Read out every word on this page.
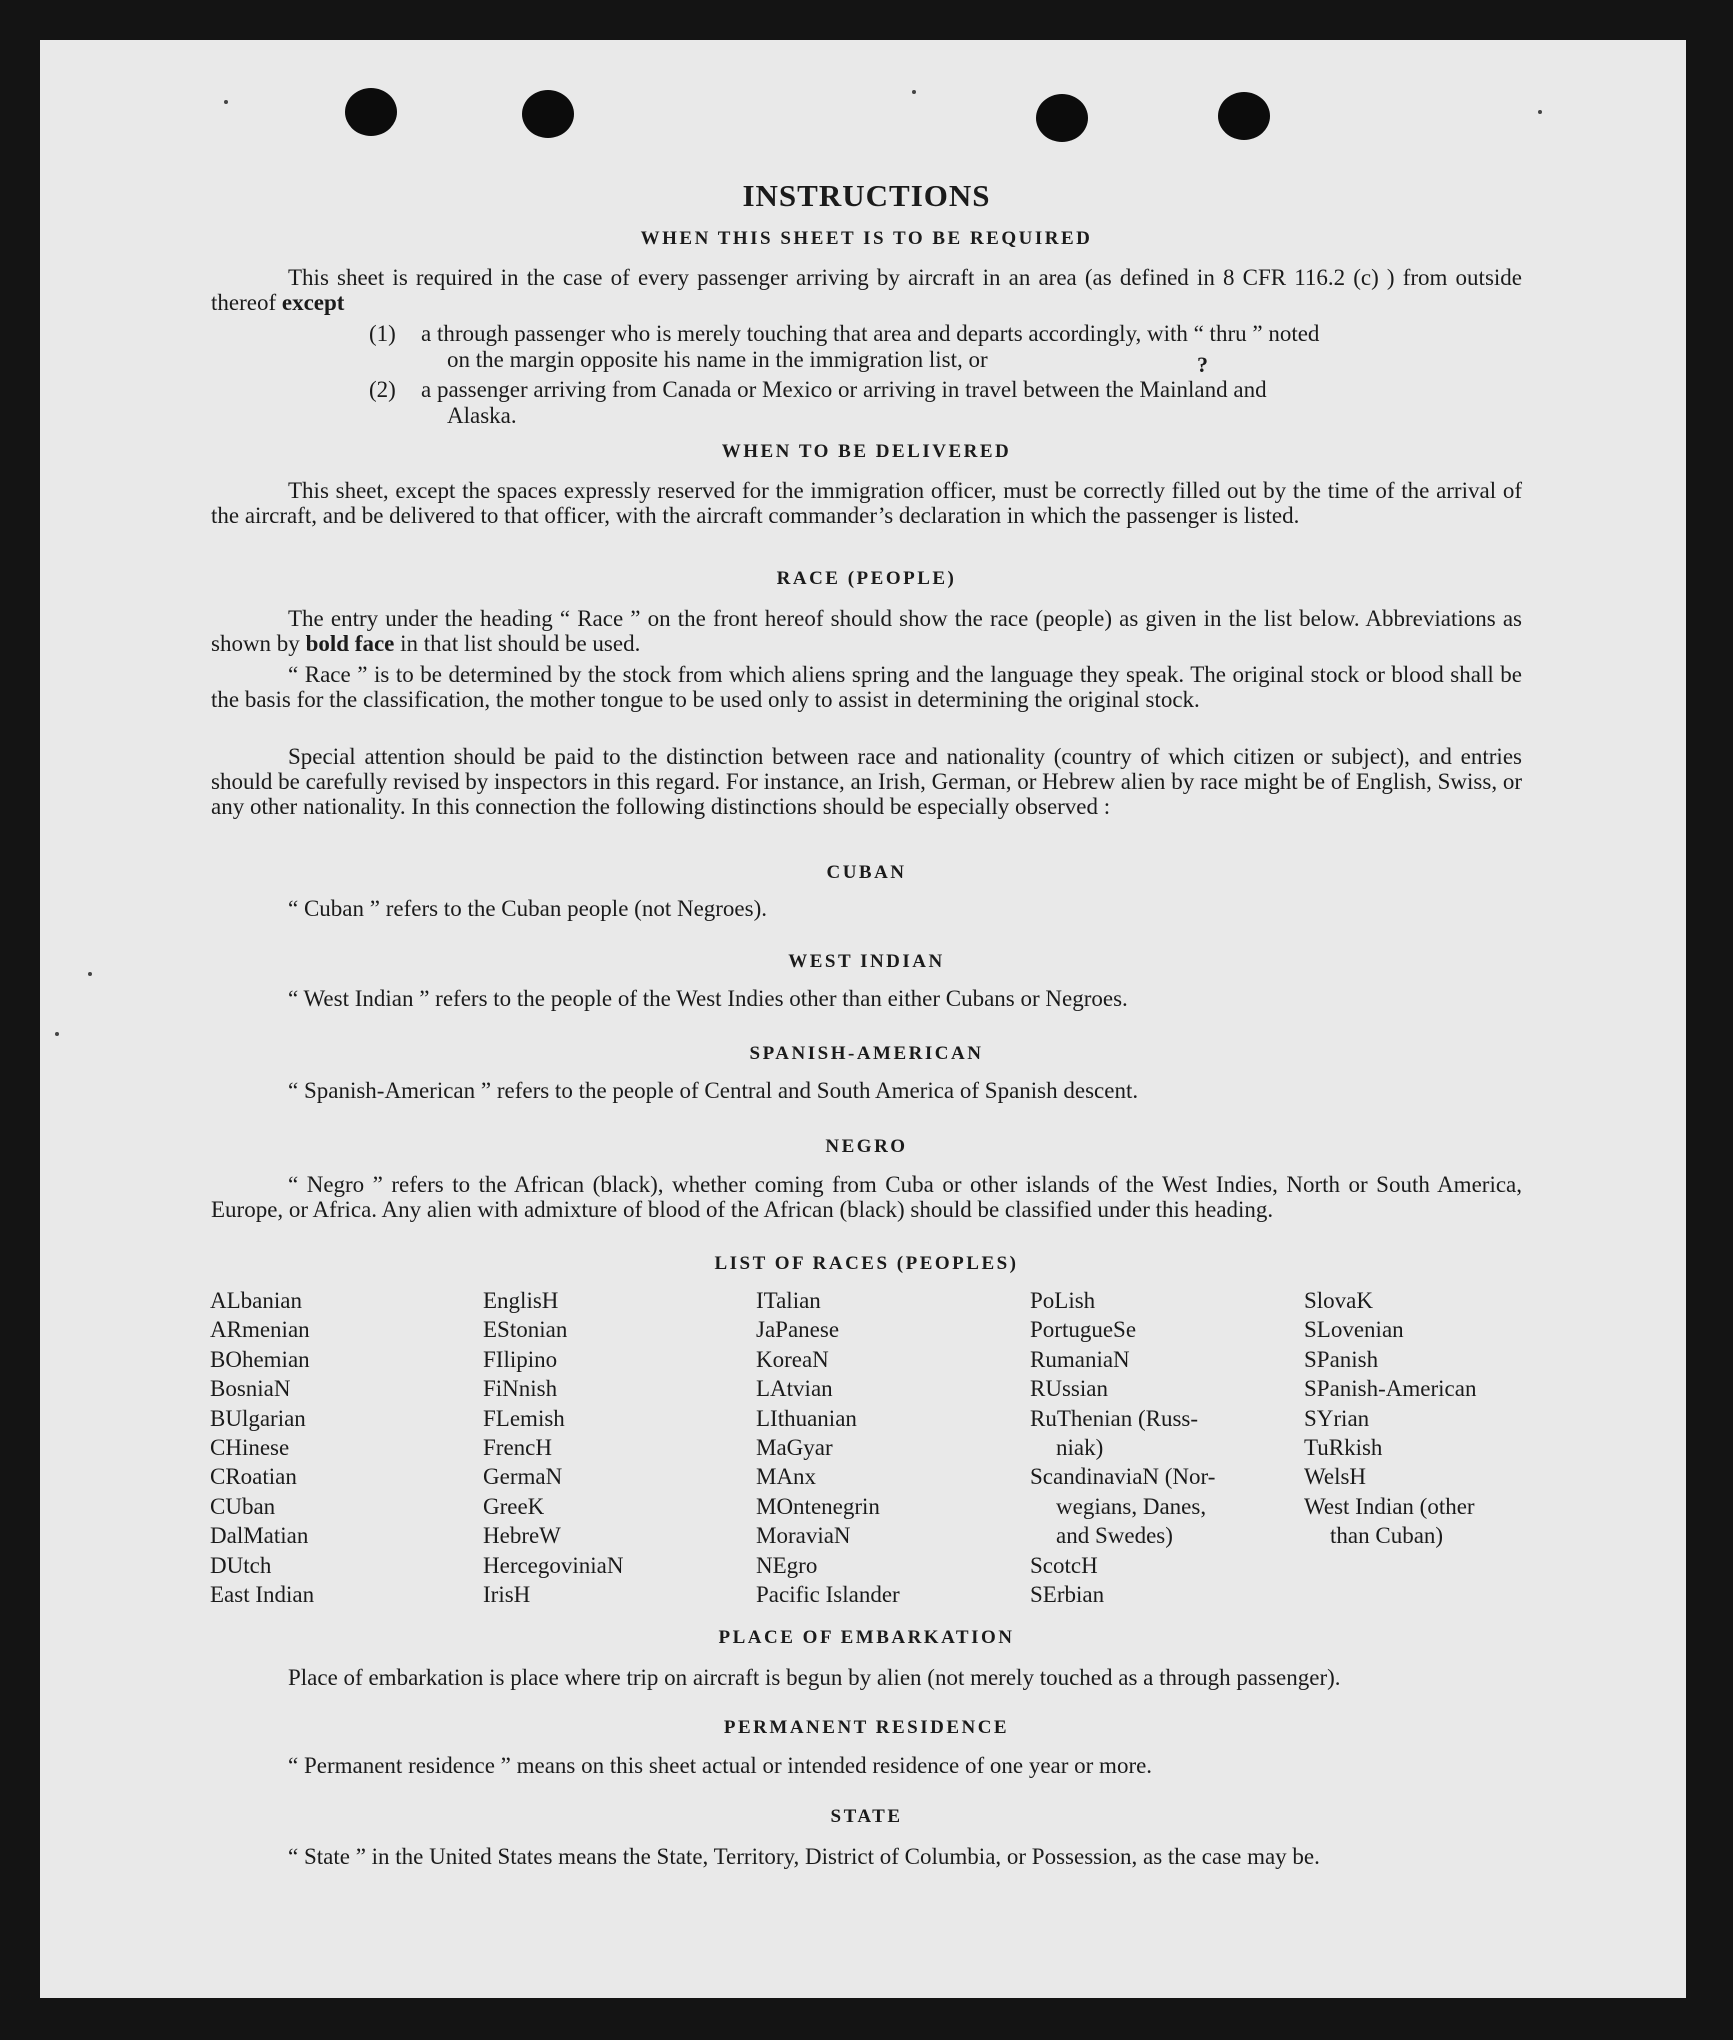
INSTRUCTIONS
WHEN THIS SHEET IS TO BE REQUIRED
This sheet is required in the case of every passenger arriving by aircraft in an area (as defined in 8 CFR 116.2 (c) ) from outside thereof except
(1) a through passenger who is merely touching that area and departs accordingly, with “ thru ” noted
on the margin opposite his name in the immigration list, or	?
(2) a passenger arriving from Canada or Mexico or arriving in travel between the Mainland and
Alaska.
WHEN TO BE DELIVERED
This sheet, except the spaces expressly reserved for the immigration officer, must be correctly filled out by the time of the arrival of the aircraft, and be delivered to that officer, with the aircraft commander’s declaration in which the passenger is listed.
RACE (PEOPLE)
The entry under the heading “ Race ” on the front hereof should show the race (people) as given in the list below. Abbreviations as shown by bold face in that list should be used.
“ Race ” is to be determined by the stock from which aliens spring and the language they speak. The original stock or blood shall be the basis for the classification, the mother tongue to be used only to assist in determining the original stock.
Special attention should be paid to the distinction between race and nationality (country of which citizen or subject), and entries should be carefully revised by inspectors in this regard. For instance, an Irish, German, or Hebrew alien by race might be of English, Swiss, or any other nationality. In this connection the following distinctions should be especially observed :
CUBAN
“ Cuban ” refers to the Cuban people (not Negroes).
WEST INDIAN
“ West Indian ” refers to the people of the West Indies other than either Cubans or Negroes.
SPANISH-AMERICAN
“ Spanish-American ” refers to the people of Central and South America of Spanish descent.
NEGRO
“ Negro ” refers to the African (black), whether coming from Cuba or other islands of the West Indies, North or South America, Europe, or Africa. Any alien with admixture of blood of the African (black) should be classified under this heading.
LIST OF RACES (PEOPLES)
ALbanian
ARmenian
BOhemian
BosniaN
BUlgarian
CHinese
CRoatian
CUban
DalMatian
DUtch
East Indian
EnglisH
EStonian
FIlipino
FiNnish
FLemish
FrencH
GermaN
GreeK
HebreW
HercegoviniaN
IrisH
ITalian
JaPanese
KoreaN
LAtvian
LIthuanian
MaGyar
MAnx
MOntenegrin
MoraviaN
NEgro
Pacific Islander
PoLish
PortugueSe
RumaniaN
RUssian
RuThenian (Russ-
niak)
ScandinaviaN (Nor-
wegians, Danes,
and Swedes)
ScotcH
SErbian
SlovaK
SLovenian
SPanish
SPanish-American
SYrian
TuRkish
WelsH
West Indian (other
than Cuban)
PLACE OF EMBARKATION
Place of embarkation is place where trip on aircraft is begun by alien (not merely touched as a through passenger).
PERMANENT RESIDENCE
“ Permanent residence ” means on this sheet actual or intended residence of one year or more.
STATE
“ State ” in the United States means the State, Territory, District of Columbia, or Possession, as the case may be.
